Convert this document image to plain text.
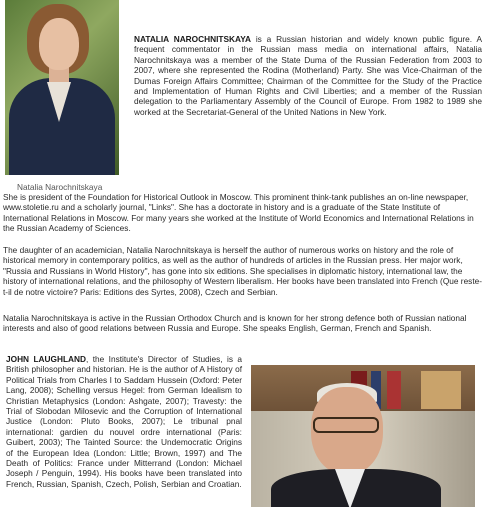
NATALIA NAROCHNITSKAYA is a Russian historian and widely known public figure. A frequent commentator in the Russian mass media on international affairs, Natalia Narochnitskaya was a member of the State Duma of the Russian Federation from 2003 to 2007, where she represented the Rodina (Motherland) Party. She was Vice-Chairman of the Dumas Foreign Affairs Committee; Chairman of the Committee for the Study of the Practice and Implementation of Human Rights and Civil Liberties; and a member of the Russian delegation to the Parliamentary Assembly of the Council of Europe. From 1982 to 1989 she worked at the Secretariat-General of the United Nations in New York.
Natalia Narochnitskaya
She is president of the Foundation for Historical Outlook in Moscow. This prominent think-tank publishes an on-line newspaper, www.stoletie.ru and a scholarly journal, "Links". She has a doctorate in history and is a graduate of the State Institute of International Relations in Moscow. For many years she worked at the Institute of World Economics and International Relations in the Russian Academy of Sciences.
The daughter of an academician, Natalia Narochnitskaya is herself the author of numerous works on history and the role of historical memory in contemporary politics, as well as the author of hundreds of articles in the Russian press. Her major work, "Russia and Russians in World History", has gone into six editions. She specialises in diplomatic history, international law, the history of international relations, and the philosophy of Western liberalism. Her books have been translated into French (Que reste-t-il de notre victoire? Paris: Editions des Syrtes, 2008), Czech and Serbian.
Natalia Narochnitskaya is active in the Russian Orthodox Church and is known for her strong defence both of Russian national interests and also of good relations between Russia and Europe. She speaks English, German, French and Spanish.
JOHN LAUGHLAND, the Institute's Director of Studies, is a British philosopher and historian. He is the author of A History of Political Trials from Charles I to Saddam Hussein (Oxford: Peter Lang, 2008); Schelling versus Hegel: from German Idealism to Christian Metaphysics (London: Ashgate, 2007); Travesty: the Trial of Slobodan Milosevic and the Corruption of International Justice (London: Pluto Books, 2007); Le tribunal pnal international: gardien du nouvel ordre international (Paris: Guibert, 2003); The Tainted Source: the Undemocratic Origins of the European Idea (London: Little; Brown, 1997) and The Death of Politics: France under Mitterrand (London: Michael Joseph / Penguin, 1994). His books have been translated into French, Russian, Spanish, Czech, Polish, Serbian and Croatian.
